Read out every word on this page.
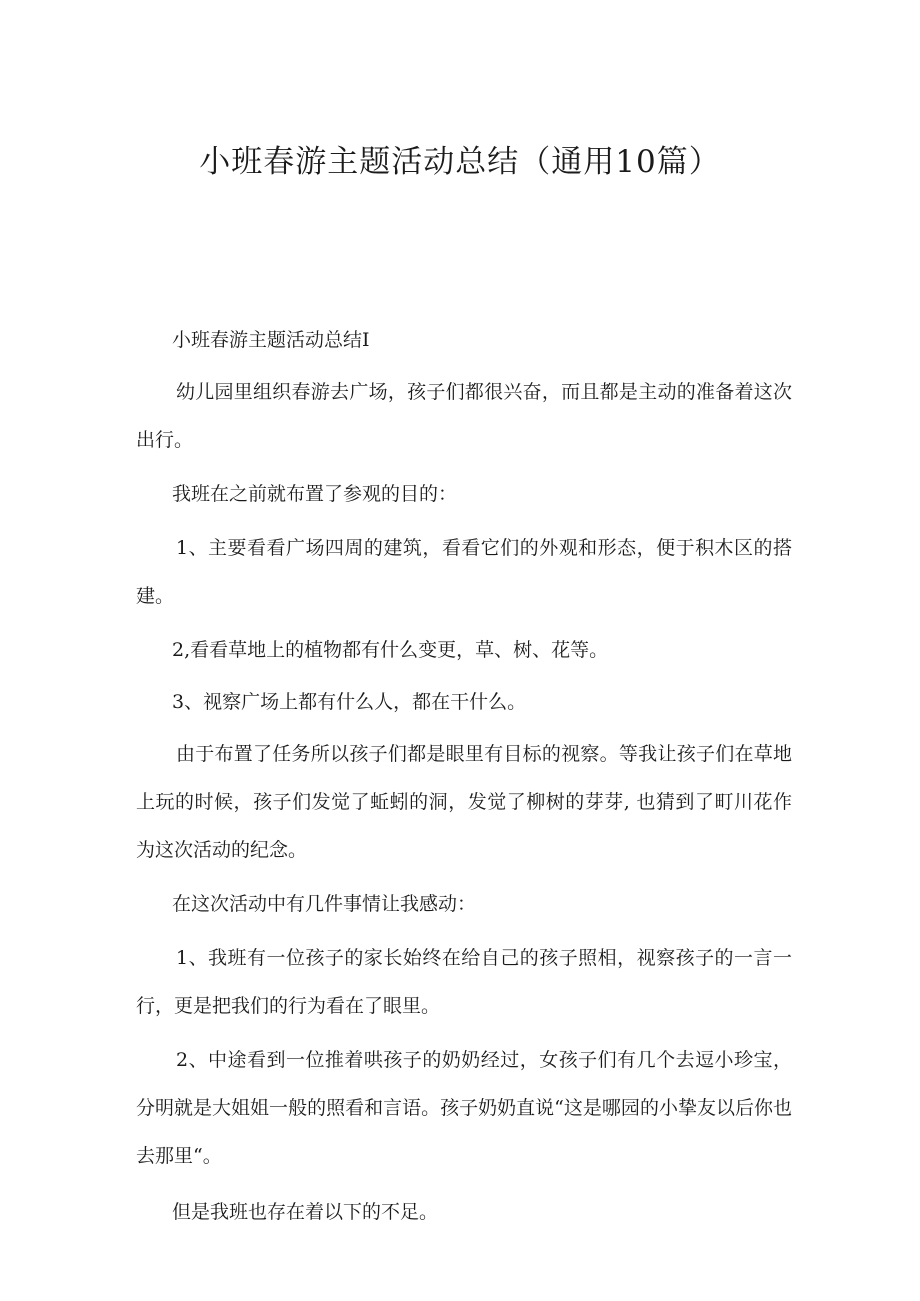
小班春游主题活动总结（通用10篇）

小班春游主题活动总结I

幼儿园里组织春游去广场，孩子们都很兴奋，而且都是主动的准备着这次出行。

我班在之前就布置了参观的目的：

1、主要看看广场四周的建筑，看看它们的外观和形态，便于积木区的搭建。

2,看看草地上的植物都有什么变更，草、树、花等。

3、视察广场上都有什么人，都在干什么。

由于布置了任务所以孩子们都是眼里有目标的视察。等我让孩子们在草地上玩的时候，孩子们发觉了蚯蚓的洞，发觉了柳树的芽芽, 也猜到了町川花作为这次活动的纪念。

在这次活动中有几件事情让我感动：

1、我班有一位孩子的家长始终在给自己的孩子照相，视察孩子的一言一行，更是把我们的行为看在了眼里。

2、中途看到一位推着哄孩子的奶奶经过，女孩子们有几个去逗小珍宝，分明就是大姐姐一般的照看和言语。孩子奶奶直说“这是哪园的小挚友以后你也去那里“。

但是我班也存在着以下的不足。
